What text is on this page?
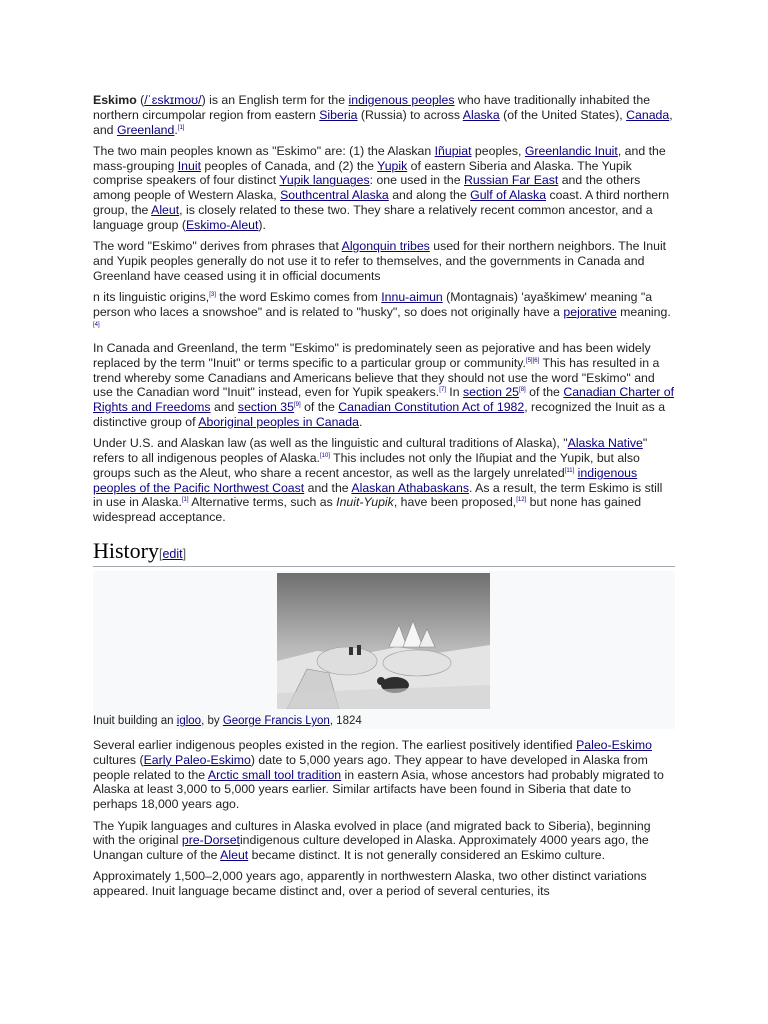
Eskimo (/ˈɛskɪmoʊ/) is an English term for the indigenous peoples who have traditionally inhabited the northern circumpolar region from eastern Siberia (Russia) to across Alaska (of the United States), Canada, and Greenland.[1]

The two main peoples known as "Eskimo" are: (1) the Alaskan Iñupiat peoples, Greenlandic Inuit, and the mass-grouping Inuit peoples of Canada, and (2) the Yupik of eastern Siberia and Alaska. The Yupik comprise speakers of four distinct Yupik languages: one used in the Russian Far East and the others among people of Western Alaska, Southcentral Alaska and along the Gulf of Alaska coast. A third northern group, the Aleut, is closely related to these two. They share a relatively recent common ancestor, and a language group (Eskimo-Aleut).

The word "Eskimo" derives from phrases that Algonquin tribes used for their northern neighbors. The Inuit and Yupik peoples generally do not use it to refer to themselves, and the governments in Canada and Greenland have ceased using it in official documents

n its linguistic origins,[3] the word Eskimo comes from Innu-aimun (Montagnais) 'ayaškimew' meaning "a person who laces a snowshoe" and is related to "husky", so does not originally have a pejorative meaning.[4]

In Canada and Greenland, the term "Eskimo" is predominately seen as pejorative and has been widely replaced by the term "Inuit" or terms specific to a particular group or community.[5][6] This has resulted in a trend whereby some Canadians and Americans believe that they should not use the word "Eskimo" and use the Canadian word "Inuit" instead, even for Yupik speakers.[7] In section 25[8] of the Canadian Charter of Rights and Freedoms and section 35[9] of the Canadian Constitution Act of 1982, recognized the Inuit as a distinctive group of Aboriginal peoples in Canada.

Under U.S. and Alaskan law (as well as the linguistic and cultural traditions of Alaska), "Alaska Native" refers to all indigenous peoples of Alaska.[10] This includes not only the Iñupiat and the Yupik, but also groups such as the Aleut, who share a recent ancestor, as well as the largely unrelated[11] indigenous peoples of the Pacific Northwest Coast and the Alaskan Athabaskans. As a result, the term Eskimo is still in use in Alaska.[1] Alternative terms, such as Inuit-Yupik, have been proposed,[12] but none has gained widespread acceptance.

History[edit]
Inuit building an igloo, by George Francis Lyon, 1824

Several earlier indigenous peoples existed in the region. The earliest positively identified Paleo-Eskimo cultures (Early Paleo-Eskimo) date to 5,000 years ago. They appear to have developed in Alaska from people related to the Arctic small tool tradition in eastern Asia, whose ancestors had probably migrated to Alaska at least 3,000 to 5,000 years earlier. Similar artifacts have been found in Siberia that date to perhaps 18,000 years ago.

The Yupik languages and cultures in Alaska evolved in place (and migrated back to Siberia), beginning with the original pre-Dorsetindigenous culture developed in Alaska. Approximately 4000 years ago, the Unangan culture of the Aleut became distinct. It is not generally considered an Eskimo culture.

Approximately 1,500–2,000 years ago, apparently in northwestern Alaska, two other distinct variations appeared. Inuit language became distinct and, over a period of several centuries, its
